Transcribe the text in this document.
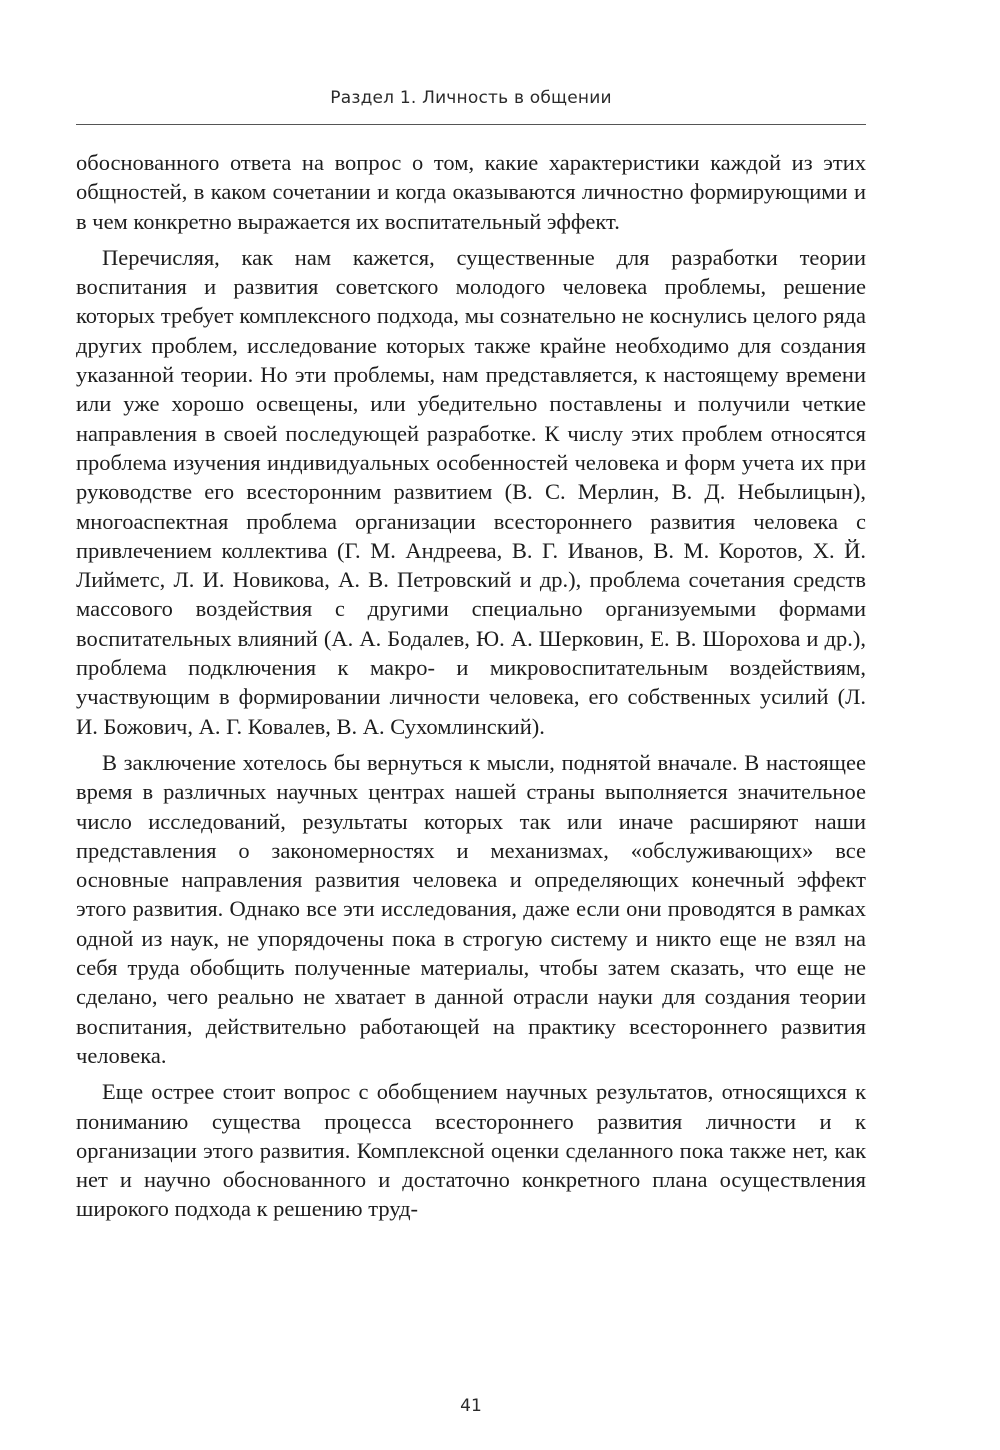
Раздел 1. Личность в общении

обоснованного ответа на вопрос о том, какие характеристики каждой из этих общностей, в каком сочетании и когда оказываются личностно формирующими и в чем конкретно выражается их воспитательный эффект.

Перечисляя, как нам кажется, существенные для разработки теории воспитания и развития советского молодого человека проблемы, решение которых требует комплексного подхода, мы сознательно не коснулись целого ряда других проблем, исследование которых также крайне необходимо для создания указанной теории. Но эти проблемы, нам представляется, к настоящему времени или уже хорошо освещены, или убедительно поставлены и получили четкие направления в своей последующей разработке. К числу этих проблем относятся проблема изучения индивидуальных особенностей человека и форм учета их при руководстве его всесторонним развитием (В. С. Мерлин, В. Д. Небылицын), многоаспектная проблема организации всестороннего развития человека с привлечением коллектива (Г. М. Андреева, В. Г. Иванов, В. М. Коротов, Х. Й. Лийметс, Л. И. Новикова, А. В. Петровский и др.), проблема сочетания средств массового воздействия с другими специально организуемыми формами воспитательных влияний (А. А. Бодалев, Ю. А. Шерковин, Е. В. Шорохова и др.), проблема подключения к макро- и микровоспитательным воздействиям, участвующим в формировании личности человека, его собственных усилий (Л. И. Божович, А. Г. Ковалев, В. А. Сухомлинский).

В заключение хотелось бы вернуться к мысли, поднятой вначале. В настоящее время в различных научных центрах нашей страны выполняется значительное число исследований, результаты которых так или иначе расширяют наши представления о закономерностях и механизмах, «обслуживающих» все основные направления развития человека и определяющих конечный эффект этого развития. Однако все эти исследования, даже если они проводятся в рамках одной из наук, не упорядочены пока в строгую систему и никто еще не взял на себя труда обобщить полученные материалы, чтобы затем сказать, что еще не сделано, чего реально не хватает в данной отрасли науки для создания теории воспитания, действительно работающей на практику всестороннего развития человека.

Еще острее стоит вопрос с обобщением научных результатов, относящихся к пониманию существа процесса всестороннего развития личности и к организации этого развития. Комплексной оценки сделанного пока также нет, как нет и научно обоснованного и достаточно конкретного плана осуществления широкого подхода к решению труд-

41
